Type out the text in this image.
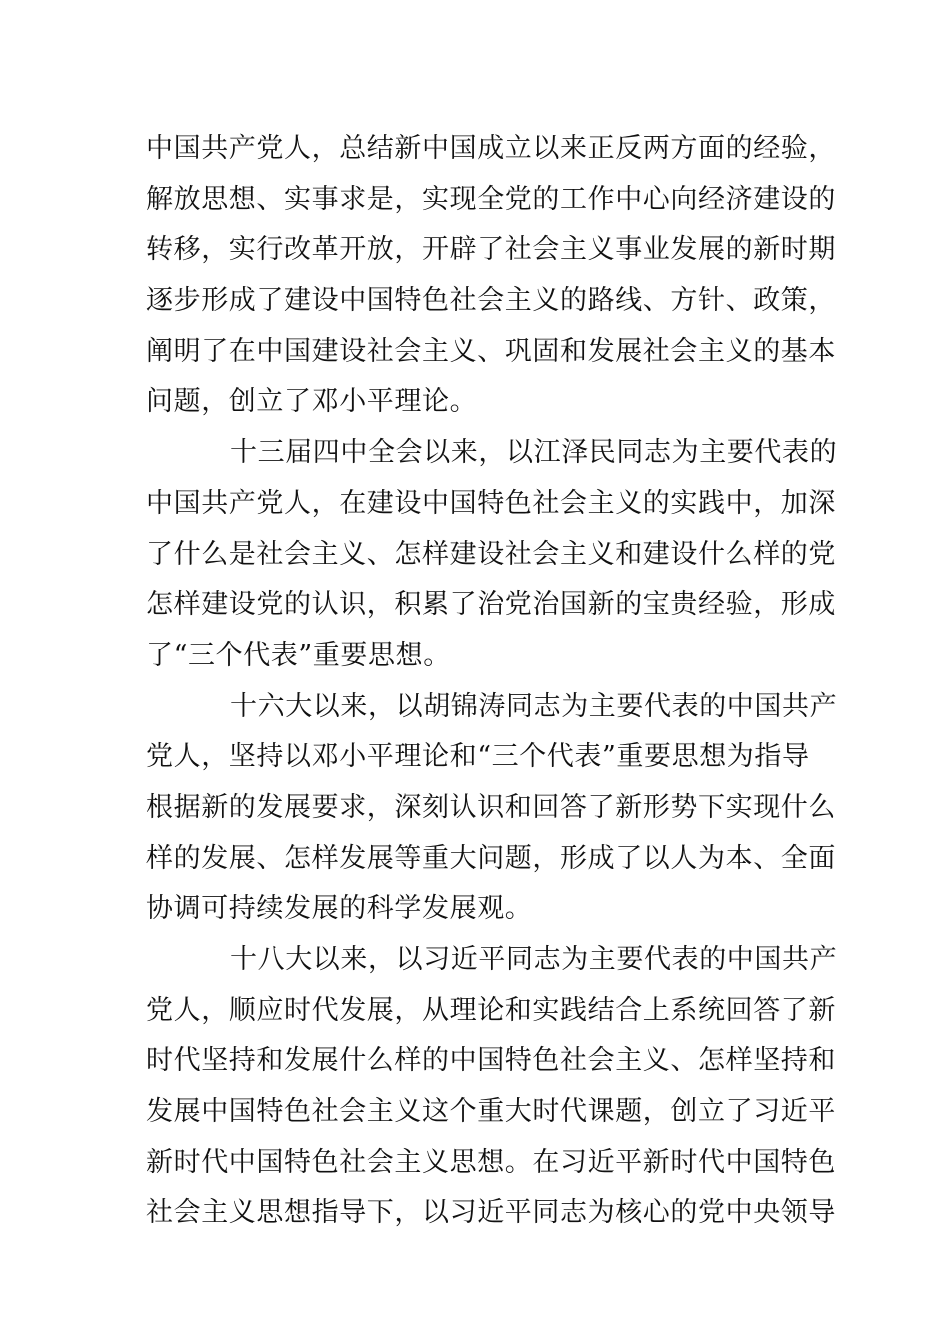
中国共产党人，总结新中国成立以来正反两方面的经验，
解放思想、实事求是，实现全党的工作中心向经济建设的
转移，实行改革开放，开辟了社会主义事业发展的新时期
逐步形成了建设中国特色社会主义的路线、方针、政策，
阐明了在中国建设社会主义、巩固和发展社会主义的基本
问题，创立了邓小平理论。
十三届四中全会以来，以江泽民同志为主要代表的
中国共产党人，在建设中国特色社会主义的实践中，加深
了什么是社会主义、怎样建设社会主义和建设什么样的党
怎样建设党的认识，积累了治党治国新的宝贵经验，形成
了“三个代表”重要思想。
十六大以来，以胡锦涛同志为主要代表的中国共产
党人，坚持以邓小平理论和“三个代表”重要思想为指导
根据新的发展要求，深刻认识和回答了新形势下实现什么
样的发展、怎样发展等重大问题，形成了以人为本、全面
协调可持续发展的科学发展观。
十八大以来，以习近平同志为主要代表的中国共产
党人，顺应时代发展，从理论和实践结合上系统回答了新
时代坚持和发展什么样的中国特色社会主义、怎样坚持和
发展中国特色社会主义这个重大时代课题，创立了习近平
新时代中国特色社会主义思想。在习近平新时代中国特色
社会主义思想指导下，以习近平同志为核心的党中央领导
